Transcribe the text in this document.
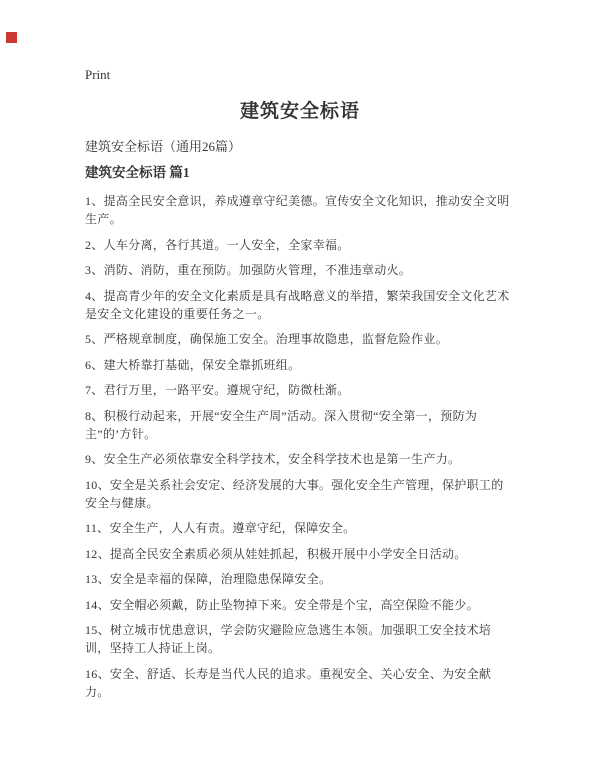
Print
建筑安全标语
建筑安全标语（通用26篇）
建筑安全标语 篇1

1、提高全民安全意识，养成遵章守纪美德。宣传安全文化知识，推动安全文明生产。

2、人车分离，各行其道。一人安全，全家幸福。

3、消防、消防，重在预防。加强防火管理，不准违章动火。

4、提高青少年的安全文化素质是具有战略意义的举措，繁荣我国安全文化艺术是安全文化建设的重要任务之一。

5、严格规章制度，确保施工安全。治理事故隐患，监督危险作业。

6、建大桥靠打基础，保安全靠抓班组。

7、君行万里，一路平安。遵规守纪，防微杜渐。

8、积极行动起来，开展“安全生产周”活动。深入贯彻“安全第一，预防为主”的’方针。

9、安全生产必须依靠安全科学技术，安全科学技术也是第一生产力。

10、安全是关系社会安定、经济发展的大事。强化安全生产管理，保护职工的安全与健康。

11、安全生产，人人有责。遵章守纪，保障安全。

12、提高全民安全素质必须从娃娃抓起，积极开展中小学安全日活动。

13、安全是幸福的保障，治理隐患保障安全。

14、安全帽必须戴，防止坠物掉下来。安全带是个宝，高空保险不能少。

15、树立城市忧患意识，学会防灾避险应急逃生本领。加强职工安全技术培训，坚持工人持证上岗。

16、安全、舒适、长寿是当代人民的追求。重视安全、关心安全、为安全献力。
